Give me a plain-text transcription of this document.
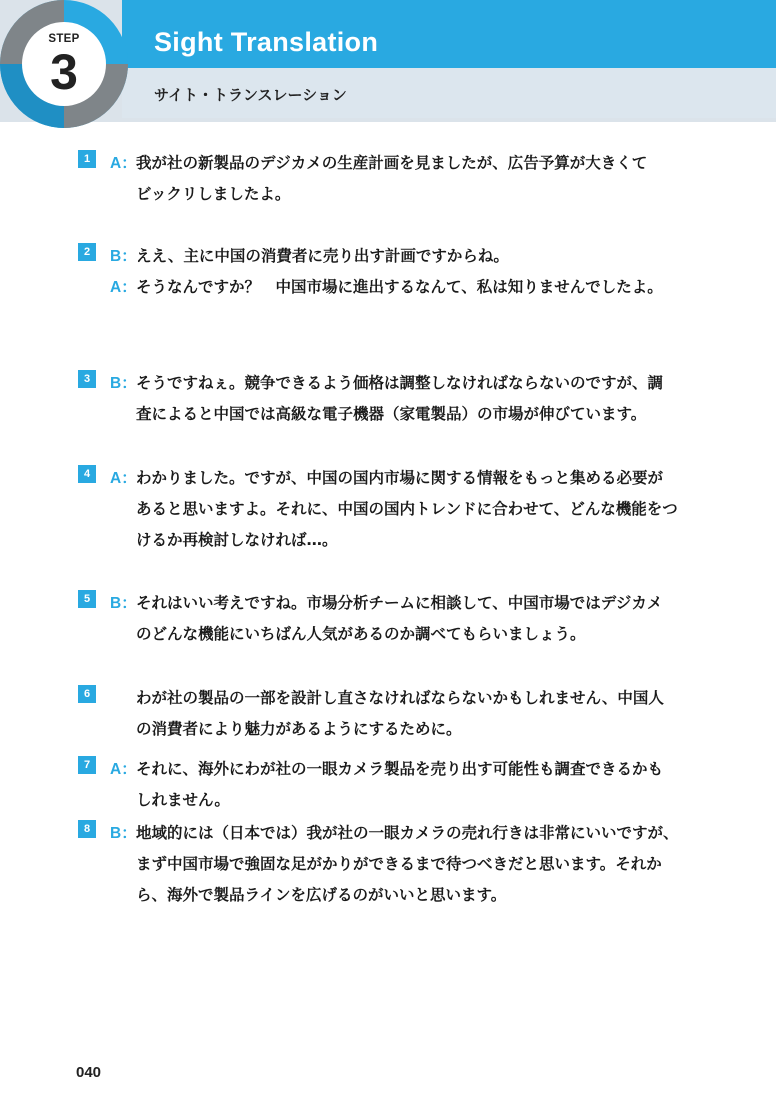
Sight Translation
サイト・トランスレーション
STEP
3
1	A： 我が社の新製品のデジカメの生産計画を見ましたが、広告予算が大きくて
ビックリしましたよ。
2	B： ええ、主に中国の消費者に売り出す計画ですからね。
A： そうなんですか？　中国市場に進出するなんて、私は知りませんでしたよ。
3	B： そうですねぇ。競争できるよう価格は調整しなければならないのですが、調
査によると中国では高級な電子機器（家電製品）の市場が伸びています。
4	A： わかりました。ですが、中国の国内市場に関する情報をもっと集める必要が
あると思いますよ。それに、中国の国内トレンドに合わせて、どんな機能をつ
けるか再検討しなければ…。
5	B： それはいい考えですね。市場分析チームに相談して、中国市場ではデジカメ
のどんな機能にいちばん人気があるのか調べてもらいましょう。
6	わが社の製品の一部を設計し直さなければならないかもしれません、中国人
の消費者により魅力があるようにするために。
7	A： それに、海外にわが社の一眼カメラ製品を売り出す可能性も調査できるかも
しれません。
8	B： 地域的には（日本では）我が社の一眼カメラの売れ行きは非常にいいですが、
まず中国市場で強固な足がかりができるまで待つべきだと思います。それか
ら、海外で製品ラインを広げるのがいいと思います。
040
